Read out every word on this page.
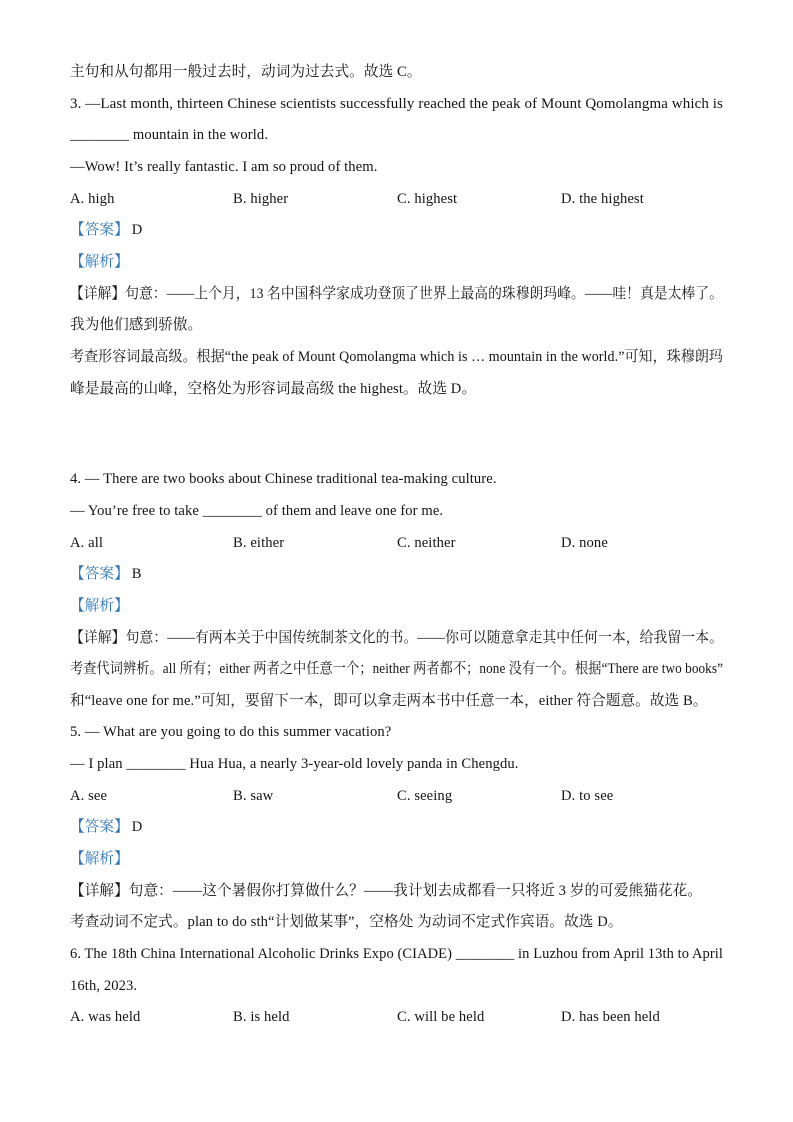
主句和从句都用一般过去时，动词为过去式。故选 C。
3. —Last month, thirteen Chinese scientists successfully reached the peak of Mount Qomolangma which is
________ mountain in the world.
—Wow! It’s really fantastic. I am so proud of them.
A. high	B. higher	C. highest	D. the highest
【答案】 D
【解析】
【详解】句意：——上个月，13 名中国科学家成功登顶了世界上最高的珠穆朗玛峰。——哇！真是太棒了。
我为他们感到骄傲。
考查形容词最高级。根据“the peak of Mount Qomolangma which is … mountain in the world.”可知，珠穆朗玛
峰是最高的山峰，空格处为形容词最高级 the highest。故选 D。
4. — There are two books about Chinese traditional tea-making culture.
— You’re free to take ________ of them and leave one for me.
A. all	B. either	C. neither	D. none
【答案】 B
【解析】
【详解】句意：——有两本关于中国传统制茶文化的书。——你可以随意拿走其中任何一本，给我留一本。
考查代词辨析。all 所有；either 两者之中任意一个；neither 两者都不；none 没有一个。根据“There are two books”
和“leave one for me.”可知，要留下一本，即可以拿走两本书中任意一本，either 符合题意。故选 B。
5. — What are you going to do this summer vacation?
— I plan ________ Hua Hua, a nearly 3-year-old lovely panda in Chengdu.
A. see	B. saw	C. seeing	D. to see
【答案】 D
【解析】
【详解】句意：——这个暑假你打算做什么？——我计划去成都看一只将近 3 岁的可爱熊猫花花。
考查动词不定式。plan to do sth“计划做某事”，空格处 为动词不定式作宾语。故选 D。
6. The 18th China International Alcoholic Drinks Expo (CIADE) ________ in Luzhou from April 13th to April
16th, 2023.
A. was held	B. is held	C. will be held	D. has been held
